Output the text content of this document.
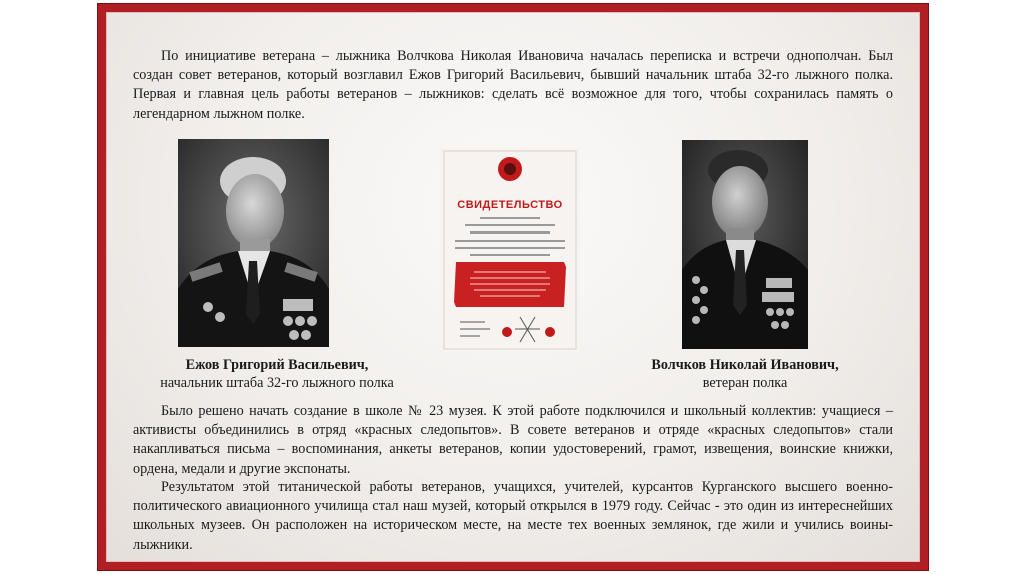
По инициативе ветерана – лыжника Волчкова Николая Ивановича началась переписка и встречи однополчан. Был создан совет ветеранов, который возглавил Ежов Григорий Васильевич, бывший начальник штаба 32-го лыжного полка. Первая и главная цель работы ветеранов – лыжников: сделать всё возможное для того, чтобы сохранилась память о легендарном лыжном полке.

СВИДЕТЕЛЬСТВО
Ежов Григорий Васильевич,
начальник штаба 32-го лыжного полка
Волчков Николай Иванович,
ветеран полка

Было решено начать создание в школе № 23 музея. К этой работе подключился и школьный коллектив: учащиеся – активисты объединились в отряд «красных следопытов». В совете ветеранов и отряде «красных следопытов» стали накапливаться письма – воспоминания, анкеты ветеранов, копии удостоверений, грамот, извещения, воинские книжки, ордена, медали и другие экспонаты.

Результатом этой титанической работы ветеранов, учащихся, учителей, курсантов Курганского высшего военно-политического авиационного училища стал наш музей, который открылся в 1979 году. Сейчас - это один из интереснейших школьных музеев. Он расположен на историческом месте, на месте тех военных землянок, где жили и учились воины-лыжники.
